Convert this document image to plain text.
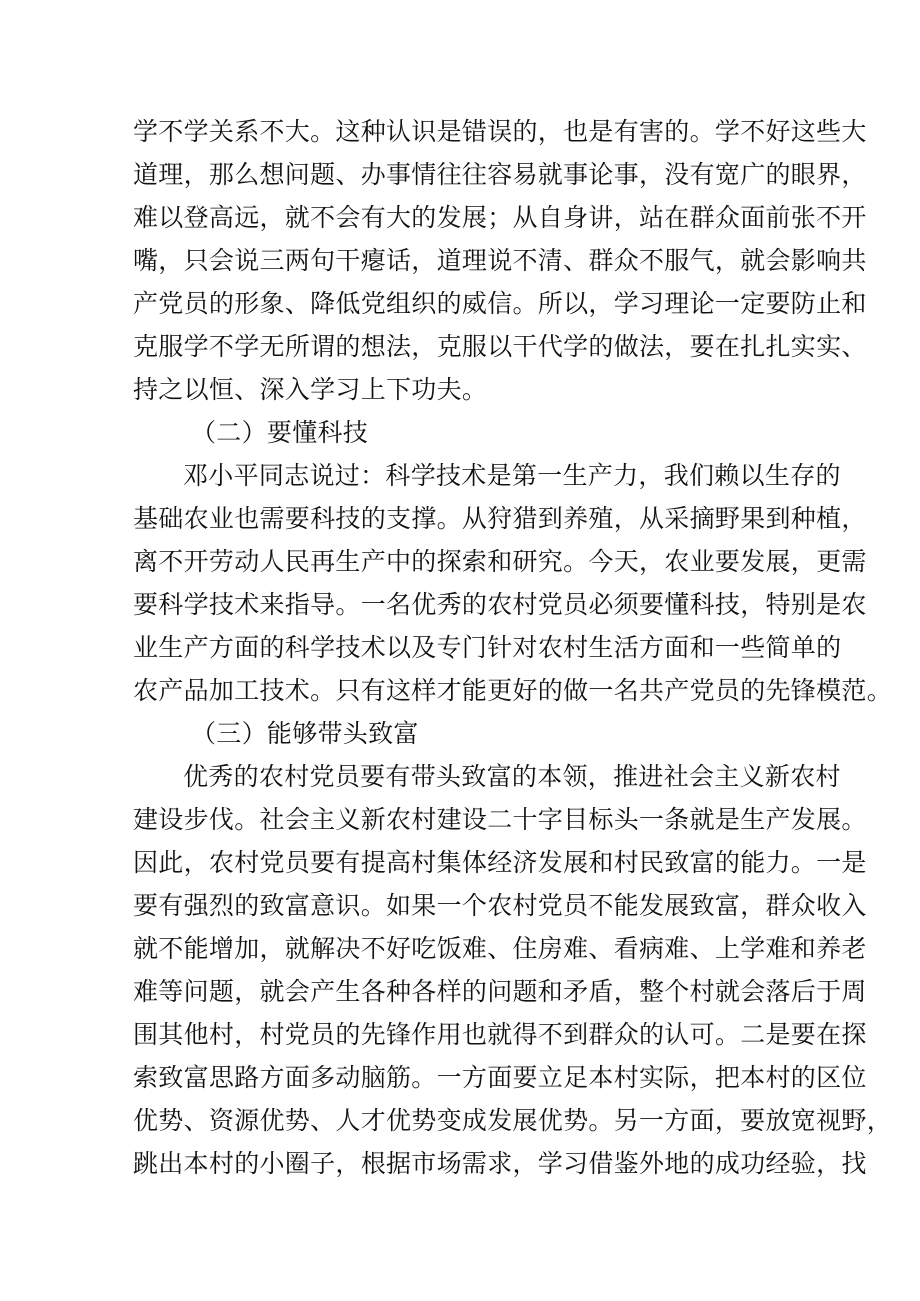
学不学关系不大。这种认识是错误的，也是有害的。学不好这些大
道理，那么想问题、办事情往往容易就事论事，没有宽广的眼界，
难以登高远，就不会有大的发展；从自身讲，站在群众面前张不开
嘴，只会说三两句干瘪话，道理说不清、群众不服气，就会影响共
产党员的形象、降低党组织的威信。所以，学习理论一定要防止和
克服学不学无所谓的想法，克服以干代学的做法，要在扎扎实实、
持之以恒、深入学习上下功夫。
（二）要懂科技
邓小平同志说过：科学技术是第一生产力，我们赖以生存的
基础农业也需要科技的支撑。从狩猎到养殖，从采摘野果到种植，
离不开劳动人民再生产中的探索和研究。今天，农业要发展，更需
要科学技术来指导。一名优秀的农村党员必须要懂科技，特别是农
业生产方面的科学技术以及专门针对农村生活方面和一些简单的
农产品加工技术。只有这样才能更好的做一名共产党员的先锋模范。
（三）能够带头致富
优秀的农村党员要有带头致富的本领，推进社会主义新农村
建设步伐。社会主义新农村建设二十字目标头一条就是生产发展。
因此，农村党员要有提高村集体经济发展和村民致富的能力。一是
要有强烈的致富意识。如果一个农村党员不能发展致富，群众收入
就不能增加，就解决不好吃饭难、住房难、看病难、上学难和养老
难等问题，就会产生各种各样的问题和矛盾，整个村就会落后于周
围其他村，村党员的先锋作用也就得不到群众的认可。二是要在探
索致富思路方面多动脑筋。一方面要立足本村实际，把本村的区位
优势、资源优势、人才优势变成发展优势。另一方面，要放宽视野，
跳出本村的小圈子，根据市场需求，学习借鉴外地的成功经验，找
